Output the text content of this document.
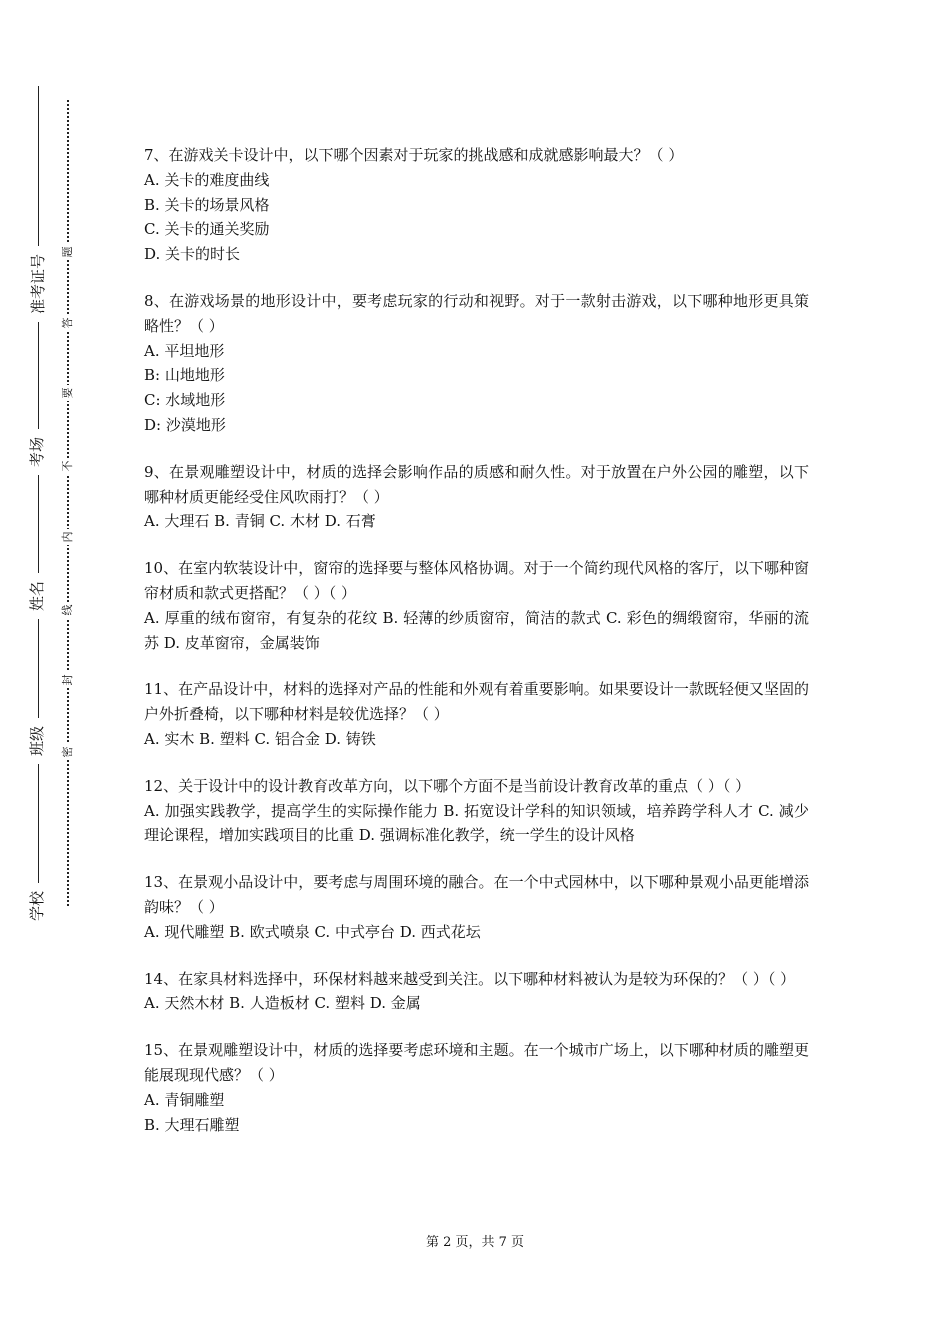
准考证号
考场
姓名
班级
学校
题
答
要
不
内
线
封
密

7、在游戏关卡设计中，以下哪个因素对于玩家的挑战感和成就感影响最大？（ ）

A. 关卡的难度曲线

B. 关卡的场景风格

C. 关卡的通关奖励

D. 关卡的时长

8、在游戏场景的地形设计中，要考虑玩家的行动和视野。对于一款射击游戏，以下哪种地形更具策略性？（ ）

A. 平坦地形

B: 山地地形

C: 水域地形

D: 沙漠地形

9、在景观雕塑设计中，材质的选择会影响作品的质感和耐久性。对于放置在户外公园的雕塑，以下哪种材质更能经受住风吹雨打？（ ）

A. 大理石 B. 青铜 C. 木材 D. 石膏

10、在室内软装设计中，窗帘的选择要与整体风格协调。对于一个简约现代风格的客厅，以下哪种窗帘材质和款式更搭配？（ ）（ ）

A. 厚重的绒布窗帘，有复杂的花纹 B. 轻薄的纱质窗帘，简洁的款式 C. 彩色的绸缎窗帘，华丽的流苏 D. 皮革窗帘，金属装饰

11、在产品设计中，材料的选择对产品的性能和外观有着重要影响。如果要设计一款既轻便又坚固的户外折叠椅，以下哪种材料是较优选择？（ ）

A. 实木 B. 塑料 C. 铝合金 D. 铸铁

12、关于设计中的设计教育改革方向，以下哪个方面不是当前设计教育改革的重点（ ）（ ）

A. 加强实践教学，提高学生的实际操作能力 B. 拓宽设计学科的知识领域，培养跨学科人才 C. 减少理论课程，增加实践项目的比重 D. 强调标准化教学，统一学生的设计风格

13、在景观小品设计中，要考虑与周围环境的融合。在一个中式园林中，以下哪种景观小品更能增添韵味？（ ）

A. 现代雕塑 B. 欧式喷泉 C. 中式亭台 D. 西式花坛

14、在家具材料选择中，环保材料越来越受到关注。以下哪种材料被认为是较为环保的？（ ）（ ）

A. 天然木材 B. 人造板材 C. 塑料 D. 金属

15、在景观雕塑设计中，材质的选择要考虑环境和主题。在一个城市广场上，以下哪种材质的雕塑更能展现现代感？（ ）

A. 青铜雕塑

B. 大理石雕塑

第 2 页，共 7 页
